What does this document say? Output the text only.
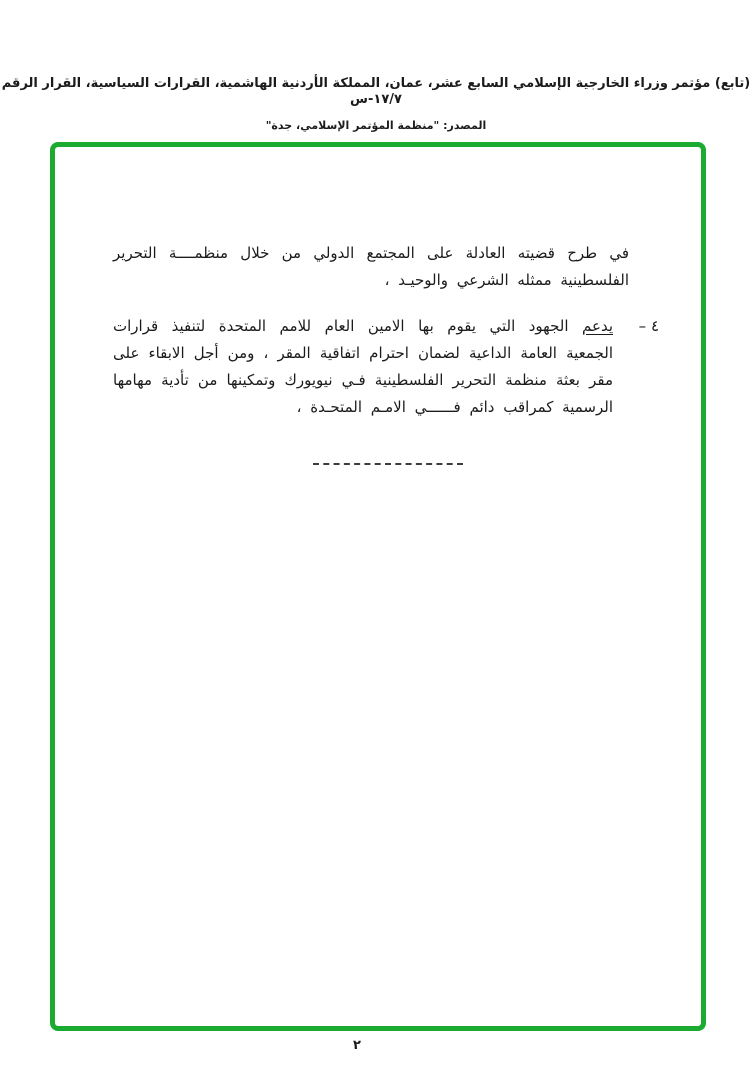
(تابع) مؤتمر وزراء الخارجية الإسلامي السابع عشر، عمان، المملكة الأردنية الهاشمية، القرارات السياسية، القرار الرقم ١٧/٧-س
المصدر: "منظمة المؤتمر الإسلامي، جدة"

في طرح قضيته العادلة على المجتمع الدولي من خلال منظمــــة التحرير الفلسطينية ممثله الشرعي والوحيـد ،

٤ –

يدعم الجهود التي يقوم بها الامين العام للامم المتحدة لتنفيذ قرارات الجمعية العامة الداعية لضمان احترام اتفاقية المقر ، ومن أجل الابقاء على مقر بعثة منظمة التحرير الفلسطينية فـي نيويورك وتمكينها من تأدية مهامها الرسمية كمراقب دائم فــــــي الامـم المتحـدة ،

٢
